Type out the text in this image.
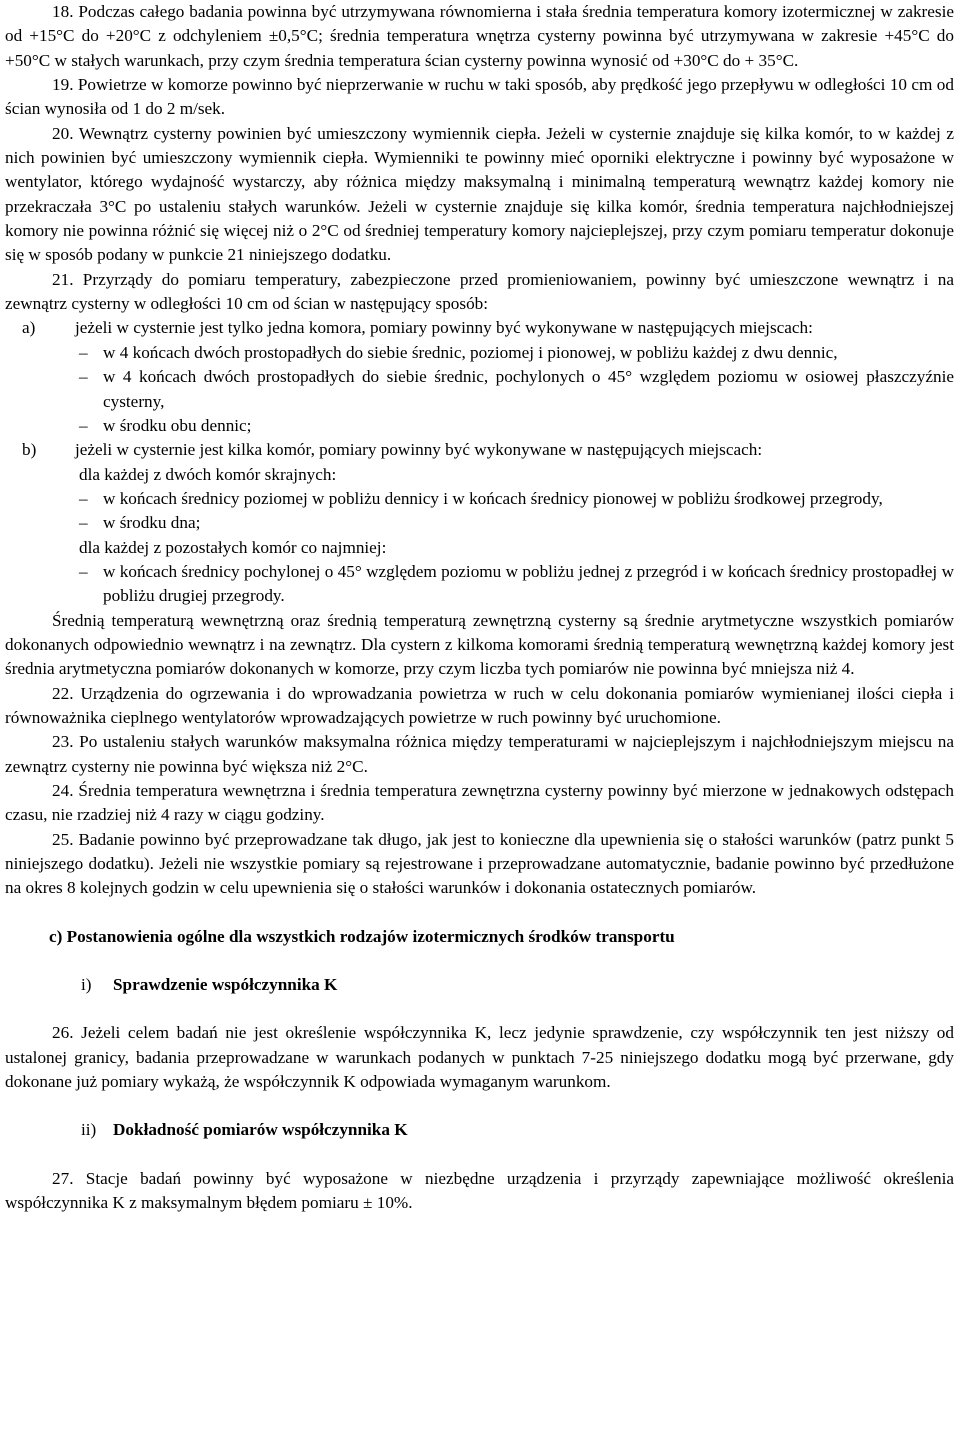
18. Podczas całego badania powinna być utrzymywana równomierna i stała średnia temperatura komory izotermicznej w zakresie od +15°C do +20°C z odchyleniem ±0,5°C; średnia temperatura wnętrza cysterny powinna być utrzymywana w zakresie +45°C do +50°C w stałych warunkach, przy czym średnia temperatura ścian cysterny powinna wynosić od +30°C do + 35°C.

19. Powietrze w komorze powinno być nieprzerwanie w ruchu w taki sposób, aby prędkość jego przepływu w odległości 10 cm od ścian wynosiła od 1 do 2 m/sek.

20. Wewnątrz cysterny powinien być umieszczony wymiennik ciepła. Jeżeli w cysternie znajduje się kilka komór, to w każdej z nich powinien być umieszczony wymiennik ciepła. Wymienniki te powinny mieć oporniki elektryczne i powinny być wyposażone w wentylator, którego wydajność wystarczy, aby różnica między maksymalną i minimalną temperaturą wewnątrz każdej komory nie przekraczała 3°C po ustaleniu stałych warunków. Jeżeli w cysternie znajduje się kilka komór, średnia temperatura najchłodniejszej komory nie powinna różnić się więcej niż o 2°C od średniej temperatury komory najcieplejszej, przy czym pomiaru temperatur dokonuje się w sposób podany w punkcie 21 niniejszego dodatku.

21. Przyrządy do pomiaru temperatury, zabezpieczone przed promieniowaniem, powinny być umieszczone wewnątrz i na zewnątrz cysterny w odległości 10 cm od ścian w następujący sposób:

a)	jeżeli w cysternie jest tylko jedna komora, pomiary powinny być wykonywane w następujących miejscach:
– w 4 końcach dwóch prostopadłych do siebie średnic, poziomej i pionowej, w pobliżu każdej z dwu dennic,
– w 4 końcach dwóch prostopadłych do siebie średnic, pochylonych o 45° względem poziomu w osiowej płaszczyźnie cysterny,
– w środku obu dennic;
b)	jeżeli w cysternie jest kilka komór, pomiary powinny być wykonywane w następujących miejscach:

dla każdej z dwóch komór skrajnych:

– w końcach średnicy poziomej w pobliżu dennicy i w końcach średnicy pionowej w pobliżu środkowej przegrody,
– w środku dna;

dla każdej z pozostałych komór co najmniej:

– w końcach średnicy pochylonej o 45° względem poziomu w pobliżu jednej z przegród i w końcach średnicy prostopadłej w pobliżu drugiej przegrody.

Średnią temperaturą wewnętrzną oraz średnią temperaturą zewnętrzną cysterny są średnie arytmetyczne wszystkich pomiarów dokonanych odpowiednio wewnątrz i na zewnątrz. Dla cystern z kilkoma komorami średnią temperaturą wewnętrzną każdej komory jest średnia arytmetyczna pomiarów dokonanych w komorze, przy czym liczba tych pomiarów nie powinna być mniejsza niż 4.

22. Urządzenia do ogrzewania i do wprowadzania powietrza w ruch w celu dokonania pomiarów wymienianej ilości ciepła i równoważnika cieplnego wentylatorów wprowadzających powietrze w ruch powinny być uruchomione.

23. Po ustaleniu stałych warunków maksymalna różnica między temperaturami w najcieplejszym i najchłodniejszym miejscu na zewnątrz cysterny nie powinna być większa niż 2°C.

24. Średnia temperatura wewnętrzna i średnia temperatura zewnętrzna cysterny powinny być mierzone w jednakowych odstępach czasu, nie rzadziej niż 4 razy w ciągu godziny.

25. Badanie powinno być przeprowadzane tak długo, jak jest to konieczne dla upewnienia się o stałości warunków (patrz punkt 5 niniejszego dodatku). Jeżeli nie wszystkie pomiary są rejestrowane i przeprowadzane automatycznie, badanie powinno być przedłużone na okres 8 kolejnych godzin w celu upewnienia się o stałości warunków i dokonania ostatecznych pomiarów.

c) Postanowienia ogólne dla wszystkich rodzajów izotermicznych środków transportu

i)	Sprawdzenie współczynnika K

26. Jeżeli celem badań nie jest określenie współczynnika K, lecz jedynie sprawdzenie, czy współczynnik ten jest niższy od ustalonej granicy, badania przeprowadzane w warunkach podanych w punktach 7-25 niniejszego dodatku mogą być przerwane, gdy dokonane już pomiary wykażą, że współczynnik K odpowiada wymaganym warunkom.

ii) Dokładność pomiarów współczynnika K

27. Stacje badań powinny być wyposażone w niezbędne urządzenia i przyrządy zapewniające możliwość określenia współczynnika K z maksymalnym błędem pomiaru ± 10%.
